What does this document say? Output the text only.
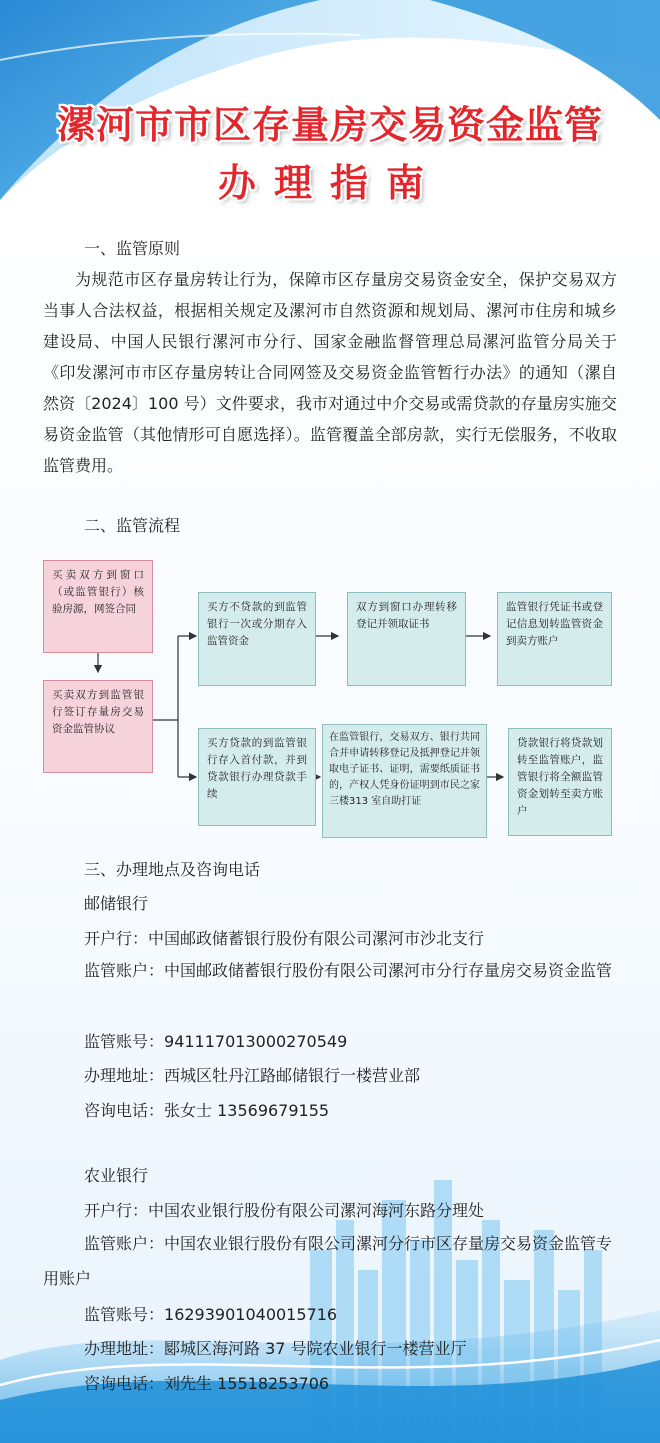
漯河市市区存量房交易资金监管
办理指南
一、监管原则
为规范市区存量房转让行为，保障市区存量房交易资金安全，保护交易双方当事人合法权益，根据相关规定及漯河市自然资源和规划局、漯河市住房和城乡建设局、中国人民银行漯河市分行、国家金融监督管理总局漯河监管分局关于《印发漯河市市区存量房转让合同网签及交易资金监管暂行办法》的通知（漯自然资〔2024〕100 号）文件要求，我市对通过中介交易或需贷款的存量房实施交易资金监管（其他情形可自愿选择）。监管覆盖全部房款，实行无偿服务，不收取监管费用。
二、监管流程
买卖双方到窗口（或监管银行）核验房源，网签合同
买卖双方到监管银行签订存量房交易资金监管协议
买方不贷款的到监管银行一次或分期存入监管资金
双方到窗口办理转移登记并领取证书
监管银行凭证书或登记信息划转监管资金到卖方账户
买方贷款的到监管银行存入首付款，并到贷款银行办理贷款手续
在监管银行，交易双方、银行共同合并申请转移登记及抵押登记并领取电子证书、证明，需要纸质证书的，产权人凭身份证明到市民之家三楼313 室自助打证
贷款银行将贷款划转至监管账户，监管银行将全额监管资金划转至卖方账户
三、办理地点及咨询电话
邮储银行
开户行：中国邮政储蓄银行股份有限公司漯河市沙北支行
监管账户：中国邮政储蓄银行股份有限公司漯河市分行存量房交易资金监管
监管账号：941117013000270549
办理地址：西城区牡丹江路邮储银行一楼营业部
咨询电话：张女士 13569679155
农业银行
开户行：中国农业银行股份有限公司漯河海河东路分理处
监管账户：中国农业银行股份有限公司漯河分行市区存量房交易资金监管专用账户
监管账号：16293901040015716
办理地址：郾城区海河路 37 号院农业银行一楼营业厅
咨询电话：刘先生 15518253706
